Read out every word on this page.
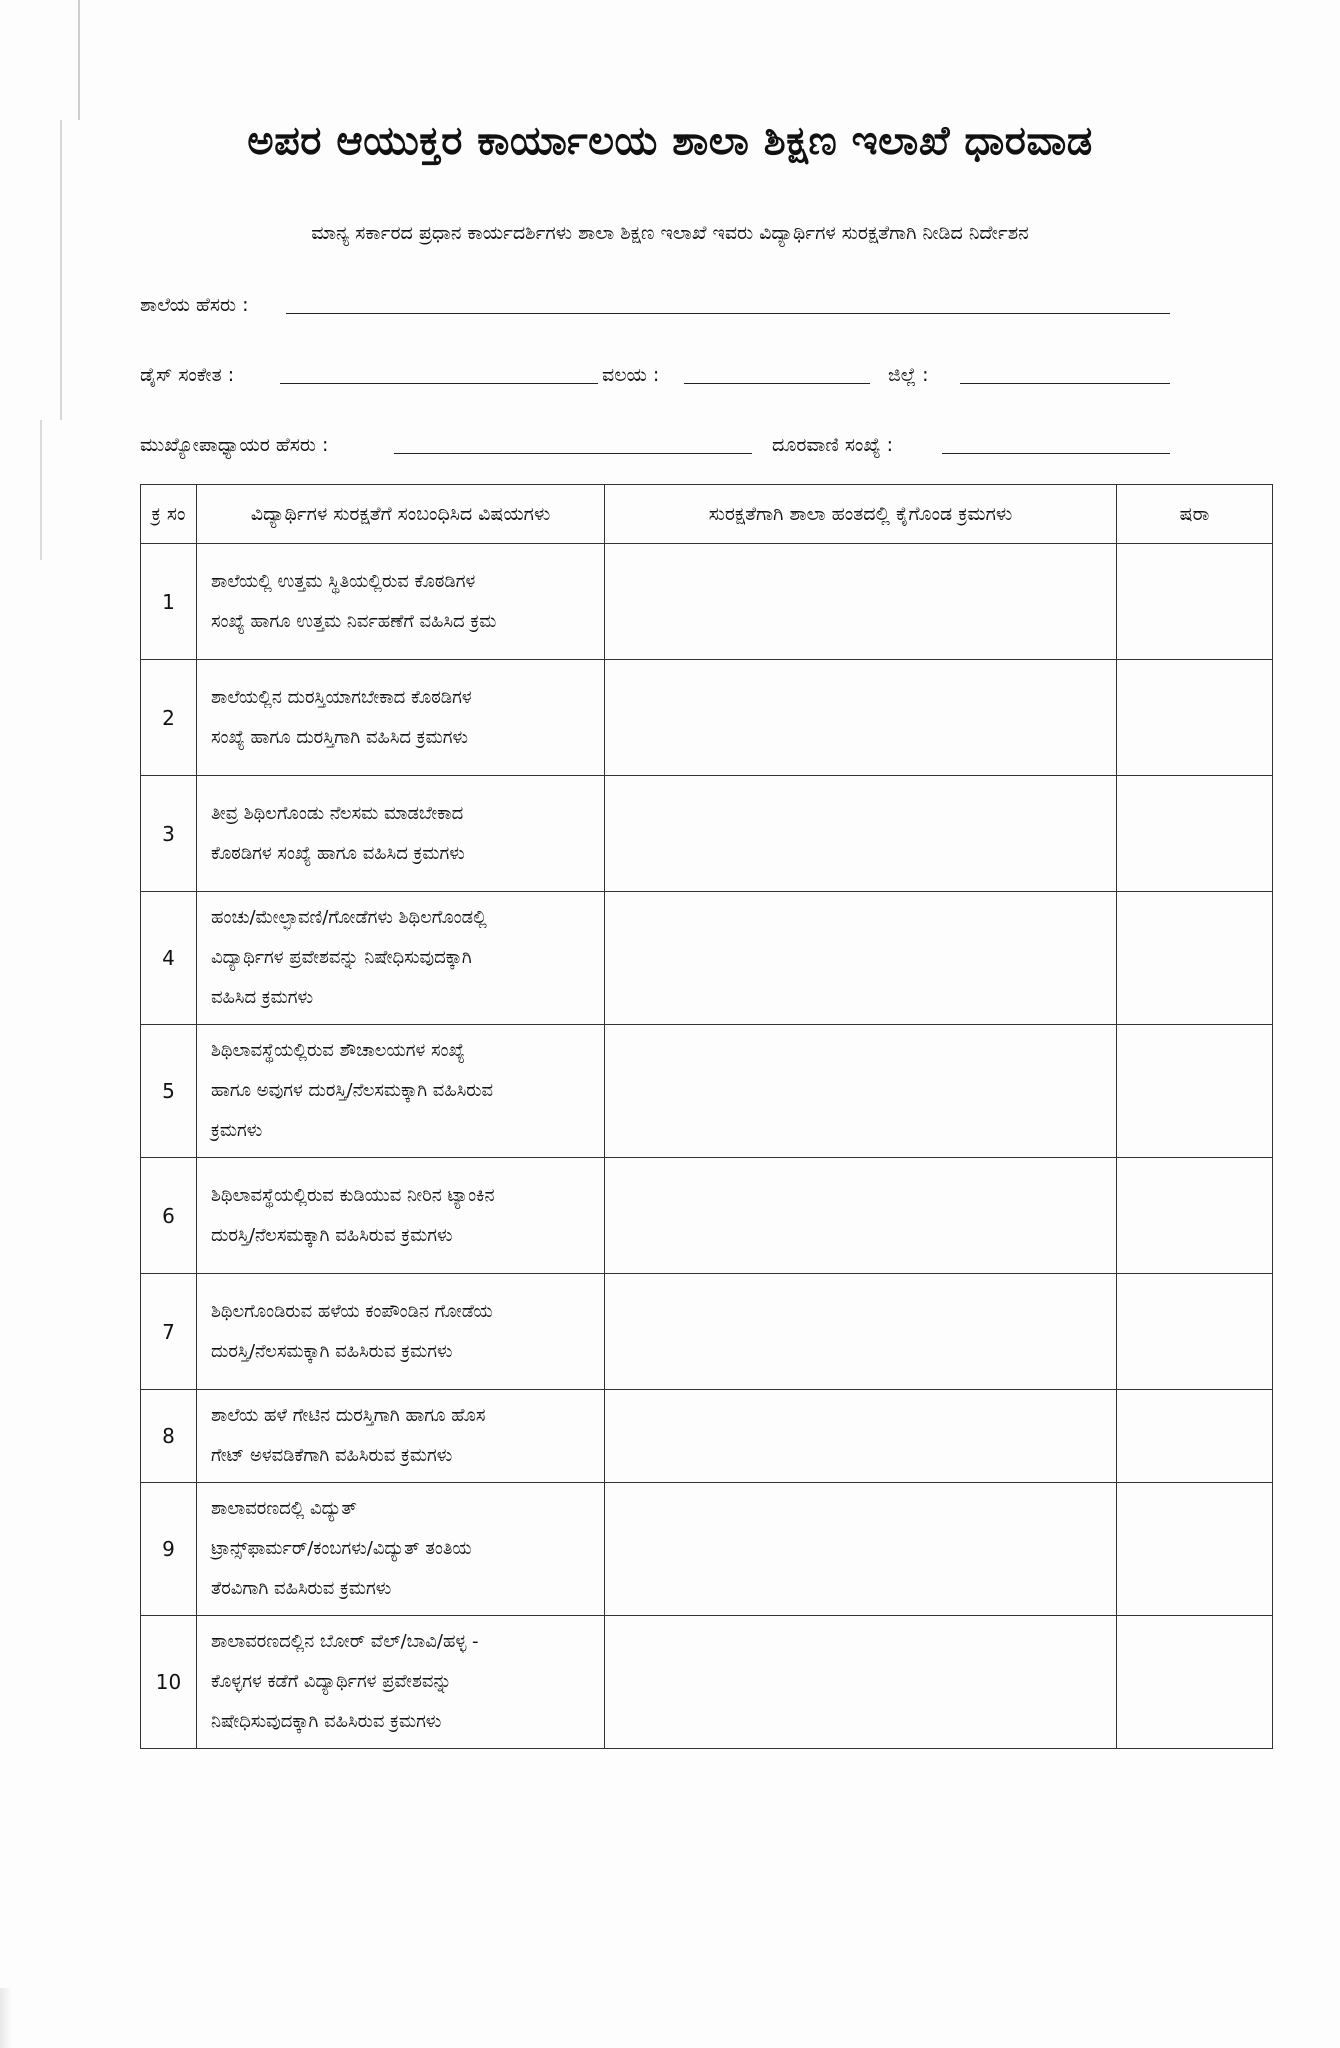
ಅಪರ ಆಯುಕ್ತರ ಕಾರ್ಯಾಲಯ ಶಾಲಾ ಶಿಕ್ಷಣ ಇಲಾಖೆ ಧಾರವಾಡ
ಮಾನ್ಯ ಸರ್ಕಾರದ ಪ್ರಧಾನ ಕಾರ್ಯದರ್ಶಿಗಳು ಶಾಲಾ ಶಿಕ್ಷಣ ಇಲಾಖೆ ಇವರು ವಿದ್ಯಾರ್ಥಿಗಳ ಸುರಕ್ಷತೆಗಾಗಿ ನೀಡಿದ ನಿರ್ದೇಶನ
ಶಾಲೆಯ ಹೆಸರು :
ಡೈಸ್ ಸಂಕೇತ :	ವಲಯ :	ಜಿಲ್ಲೆ :
ಮುಖ್ಯೋಪಾಧ್ಯಾಯರ ಹೆಸರು :	ದೂರವಾಣಿ ಸಂಖ್ಯೆ :
ಕ್ರ ಸಂ	ವಿದ್ಯಾರ್ಥಿಗಳ ಸುರಕ್ಷತೆಗೆ ಸಂಬಂಧಿಸಿದ ವಿಷಯಗಳು	ಸುರಕ್ಷತೆಗಾಗಿ ಶಾಲಾ ಹಂತದಲ್ಲಿ ಕೈಗೊಂಡ ಕ್ರಮಗಳು	ಷರಾ
1	ಶಾಲೆಯಲ್ಲಿ ಉತ್ತಮ ಸ್ಥಿತಿಯಲ್ಲಿರುವ ಕೊಠಡಿಗಳ
ಸಂಖ್ಯೆ ಹಾಗೂ ಉತ್ತಮ ನಿರ್ವಹಣೆಗೆ ವಹಿಸಿದ ಕ್ರಮ		

2	ಶಾಲೆಯಲ್ಲಿನ ದುರಸ್ತಿಯಾಗಬೇಕಾದ ಕೊಠಡಿಗಳ
ಸಂಖ್ಯೆ ಹಾಗೂ ದುರಸ್ತಿಗಾಗಿ ವಹಿಸಿದ ಕ್ರಮಗಳು		

3	ತೀವ್ರ ಶಿಥಿಲಗೊಂಡು ನೆಲಸಮ ಮಾಡಬೇಕಾದ
ಕೊಠಡಿಗಳ ಸಂಖ್ಯೆ ಹಾಗೂ ವಹಿಸಿದ ಕ್ರಮಗಳು		

4	ಹಂಚು/ಮೇಲ್ಛಾವಣಿ/ಗೋಡೆಗಳು ಶಿಥಿಲಗೊಂಡಲ್ಲಿ
ವಿದ್ಯಾರ್ಥಿಗಳ ಪ್ರವೇಶವನ್ನು ನಿಷೇಧಿಸುವುದಕ್ಕಾಗಿ
ವಹಿಸಿದ ಕ್ರಮಗಳು		

5	ಶಿಥಿಲಾವಸ್ಥೆಯಲ್ಲಿರುವ ಶೌಚಾಲಯಗಳ ಸಂಖ್ಯೆ
ಹಾಗೂ ಅವುಗಳ ದುರಸ್ತಿ/ನೆಲಸಮಕ್ಕಾಗಿ ವಹಿಸಿರುವ
ಕ್ರಮಗಳು		

6	ಶಿಥಿಲಾವಸ್ಥೆಯಲ್ಲಿರುವ ಕುಡಿಯುವ ನೀರಿನ ಟ್ಯಾಂಕಿನ
ದುರಸ್ತಿ/ನೆಲಸಮಕ್ಕಾಗಿ ವಹಿಸಿರುವ ಕ್ರಮಗಳು		

7	ಶಿಥಿಲಗೊಂಡಿರುವ ಹಳೆಯ ಕಂಪೌಂಡಿನ ಗೋಡೆಯ
ದುರಸ್ತಿ/ನೆಲಸಮಕ್ಕಾಗಿ ವಹಿಸಿರುವ ಕ್ರಮಗಳು		

8	ಶಾಲೆಯ ಹಳೆ ಗೇಟಿನ ದುರಸ್ತಿಗಾಗಿ ಹಾಗೂ ಹೊಸ
ಗೇಟ್ ಅಳವಡಿಕೆಗಾಗಿ ವಹಿಸಿರುವ ಕ್ರಮಗಳು		

9	ಶಾಲಾವರಣದಲ್ಲಿ ವಿದ್ಯುತ್
ಟ್ರಾನ್ಸ್‌ಫಾರ್ಮರ್/ಕಂಬಗಳು/ವಿದ್ಯುತ್ ತಂತಿಯ
ತೆರವಿಗಾಗಿ ವಹಿಸಿರುವ ಕ್ರಮಗಳು		

10	ಶಾಲಾವರಣದಲ್ಲಿನ ಬೋರ್ ವೆಲ್/ಬಾವಿ/ಹಳ್ಳ -
ಕೊಳ್ಳಗಳ ಕಡೆಗೆ ವಿದ್ಯಾರ್ಥಿಗಳ ಪ್ರವೇಶವನ್ನು
ನಿಷೇಧಿಸುವುದಕ್ಕಾಗಿ ವಹಿಸಿರುವ ಕ್ರಮಗಳು		
